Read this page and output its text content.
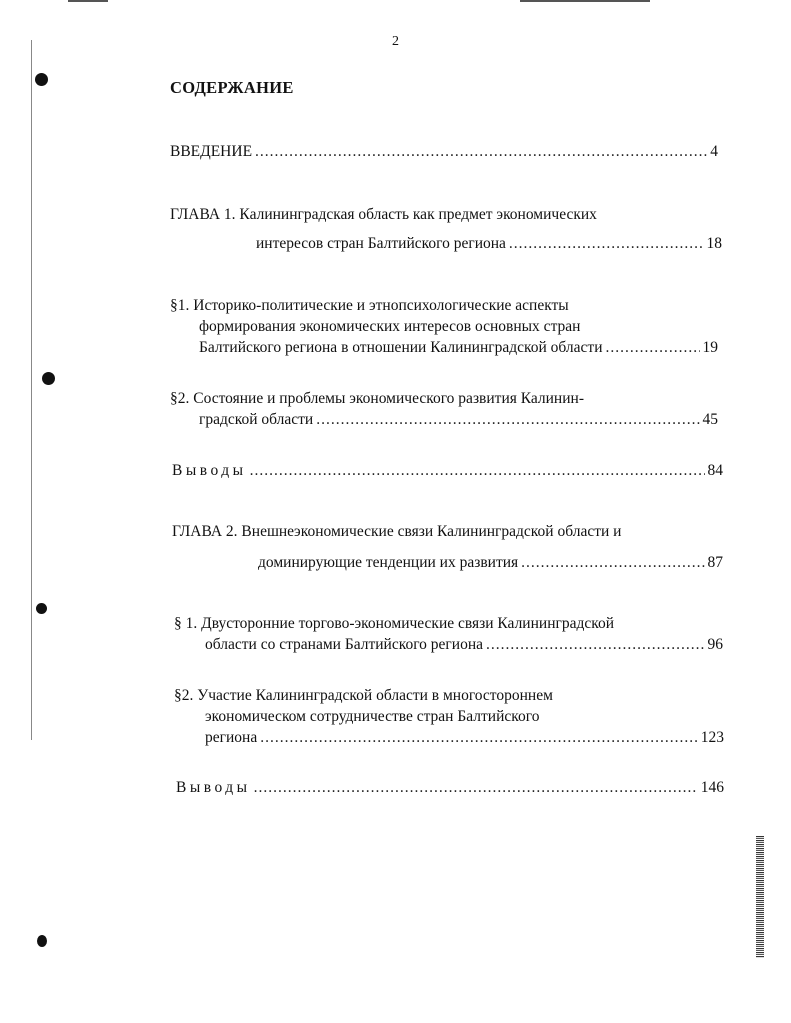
2
СОДЕРЖАНИЕ
ВВЕДЕНИЕ .....	4
ГЛАВА 1. Калининградская область как предмет экономических
интересов стран Балтийского региона .....	18
§1. Историко-политические и этнопсихологические аспекты
формирования экономических интересов основных стран
Балтийского региона в отношении Калининградской области .....	19
§2. Состояние и проблемы экономического развития Калинин-
градской области .....	45
Выводы .....	84
ГЛАВА 2. Внешнеэкономические связи Калининградской области и
доминирующие тенденции их развития .....	87
§ 1. Двусторонние торгово-экономические связи Калининградской
области со странами Балтийского региона .....	96
§2. Участие Калининградской области в многостороннем
экономическом сотрудничестве стран Балтийского
региона .....	123
Выводы .....	146
